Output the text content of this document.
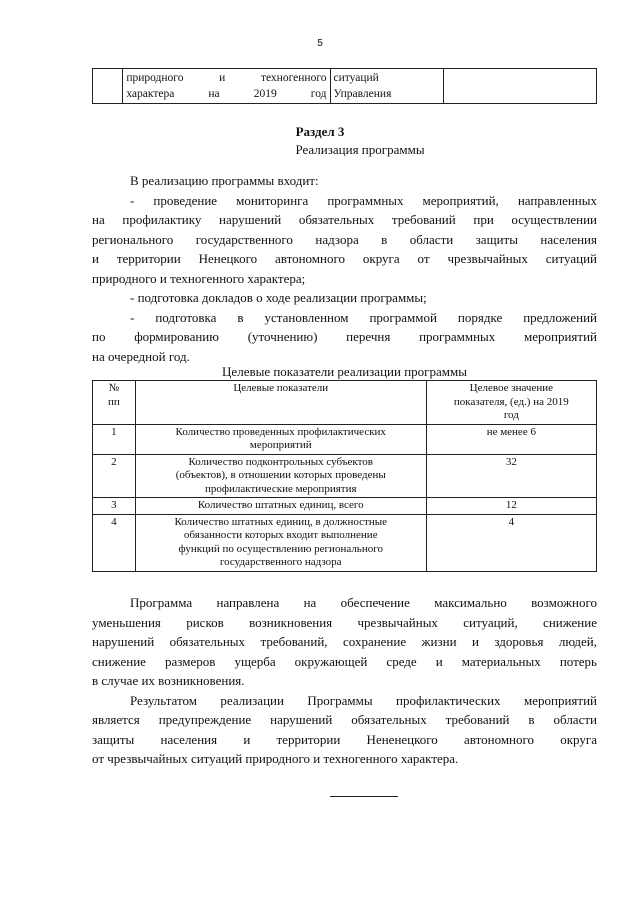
5

природного и техногенного
характера на 2019 год

ситуаций
Управления

Раздел 3
Реализация программы
В реализацию программы входит:
- проведение мониторинга программных мероприятий, направленных
на профилактику нарушений обязательных требований при осуществлении
регионального государственного надзора в области защиты населения
и территории Ненецкого автономного округа от чрезвычайных ситуаций
природного и техногенного характера;
- подготовка докладов о ходе реализации программы;
- подготовка в установленном программой порядке предложений
по формированию (уточнению) перечня программных мероприятий
на очередной год.
Целевые показатели реализации программы
№
пп	Целевые показатели	Целевое значение
показателя, (ед.) на 2019
год

1	Количество проведенных профилактических
мероприятий	не менее 6
2	Количество подконтрольных субъектов
(объектов), в отношении которых проведены
профилактические мероприятия	32
3	Количество штатных единиц, всего	12
4	Количество штатных единиц, в должностные
обязанности которых входит выполнение
функций по осуществлению регионального
государственного надзора	4
Программа направлена на обеспечение максимально возможного
уменьшения рисков возникновения чрезвычайных ситуаций, снижение
нарушений обязательных требований, сохранение жизни и здоровья людей,
снижение размеров ущерба окружающей среде и материальных потерь
в случае их возникновения.
Результатом реализации Программы профилактических мероприятий
является предупреждение нарушений обязательных требований в области
защиты населения и территории Нененецкого автономного округа
от чрезвычайных ситуаций природного и техногенного характера.
